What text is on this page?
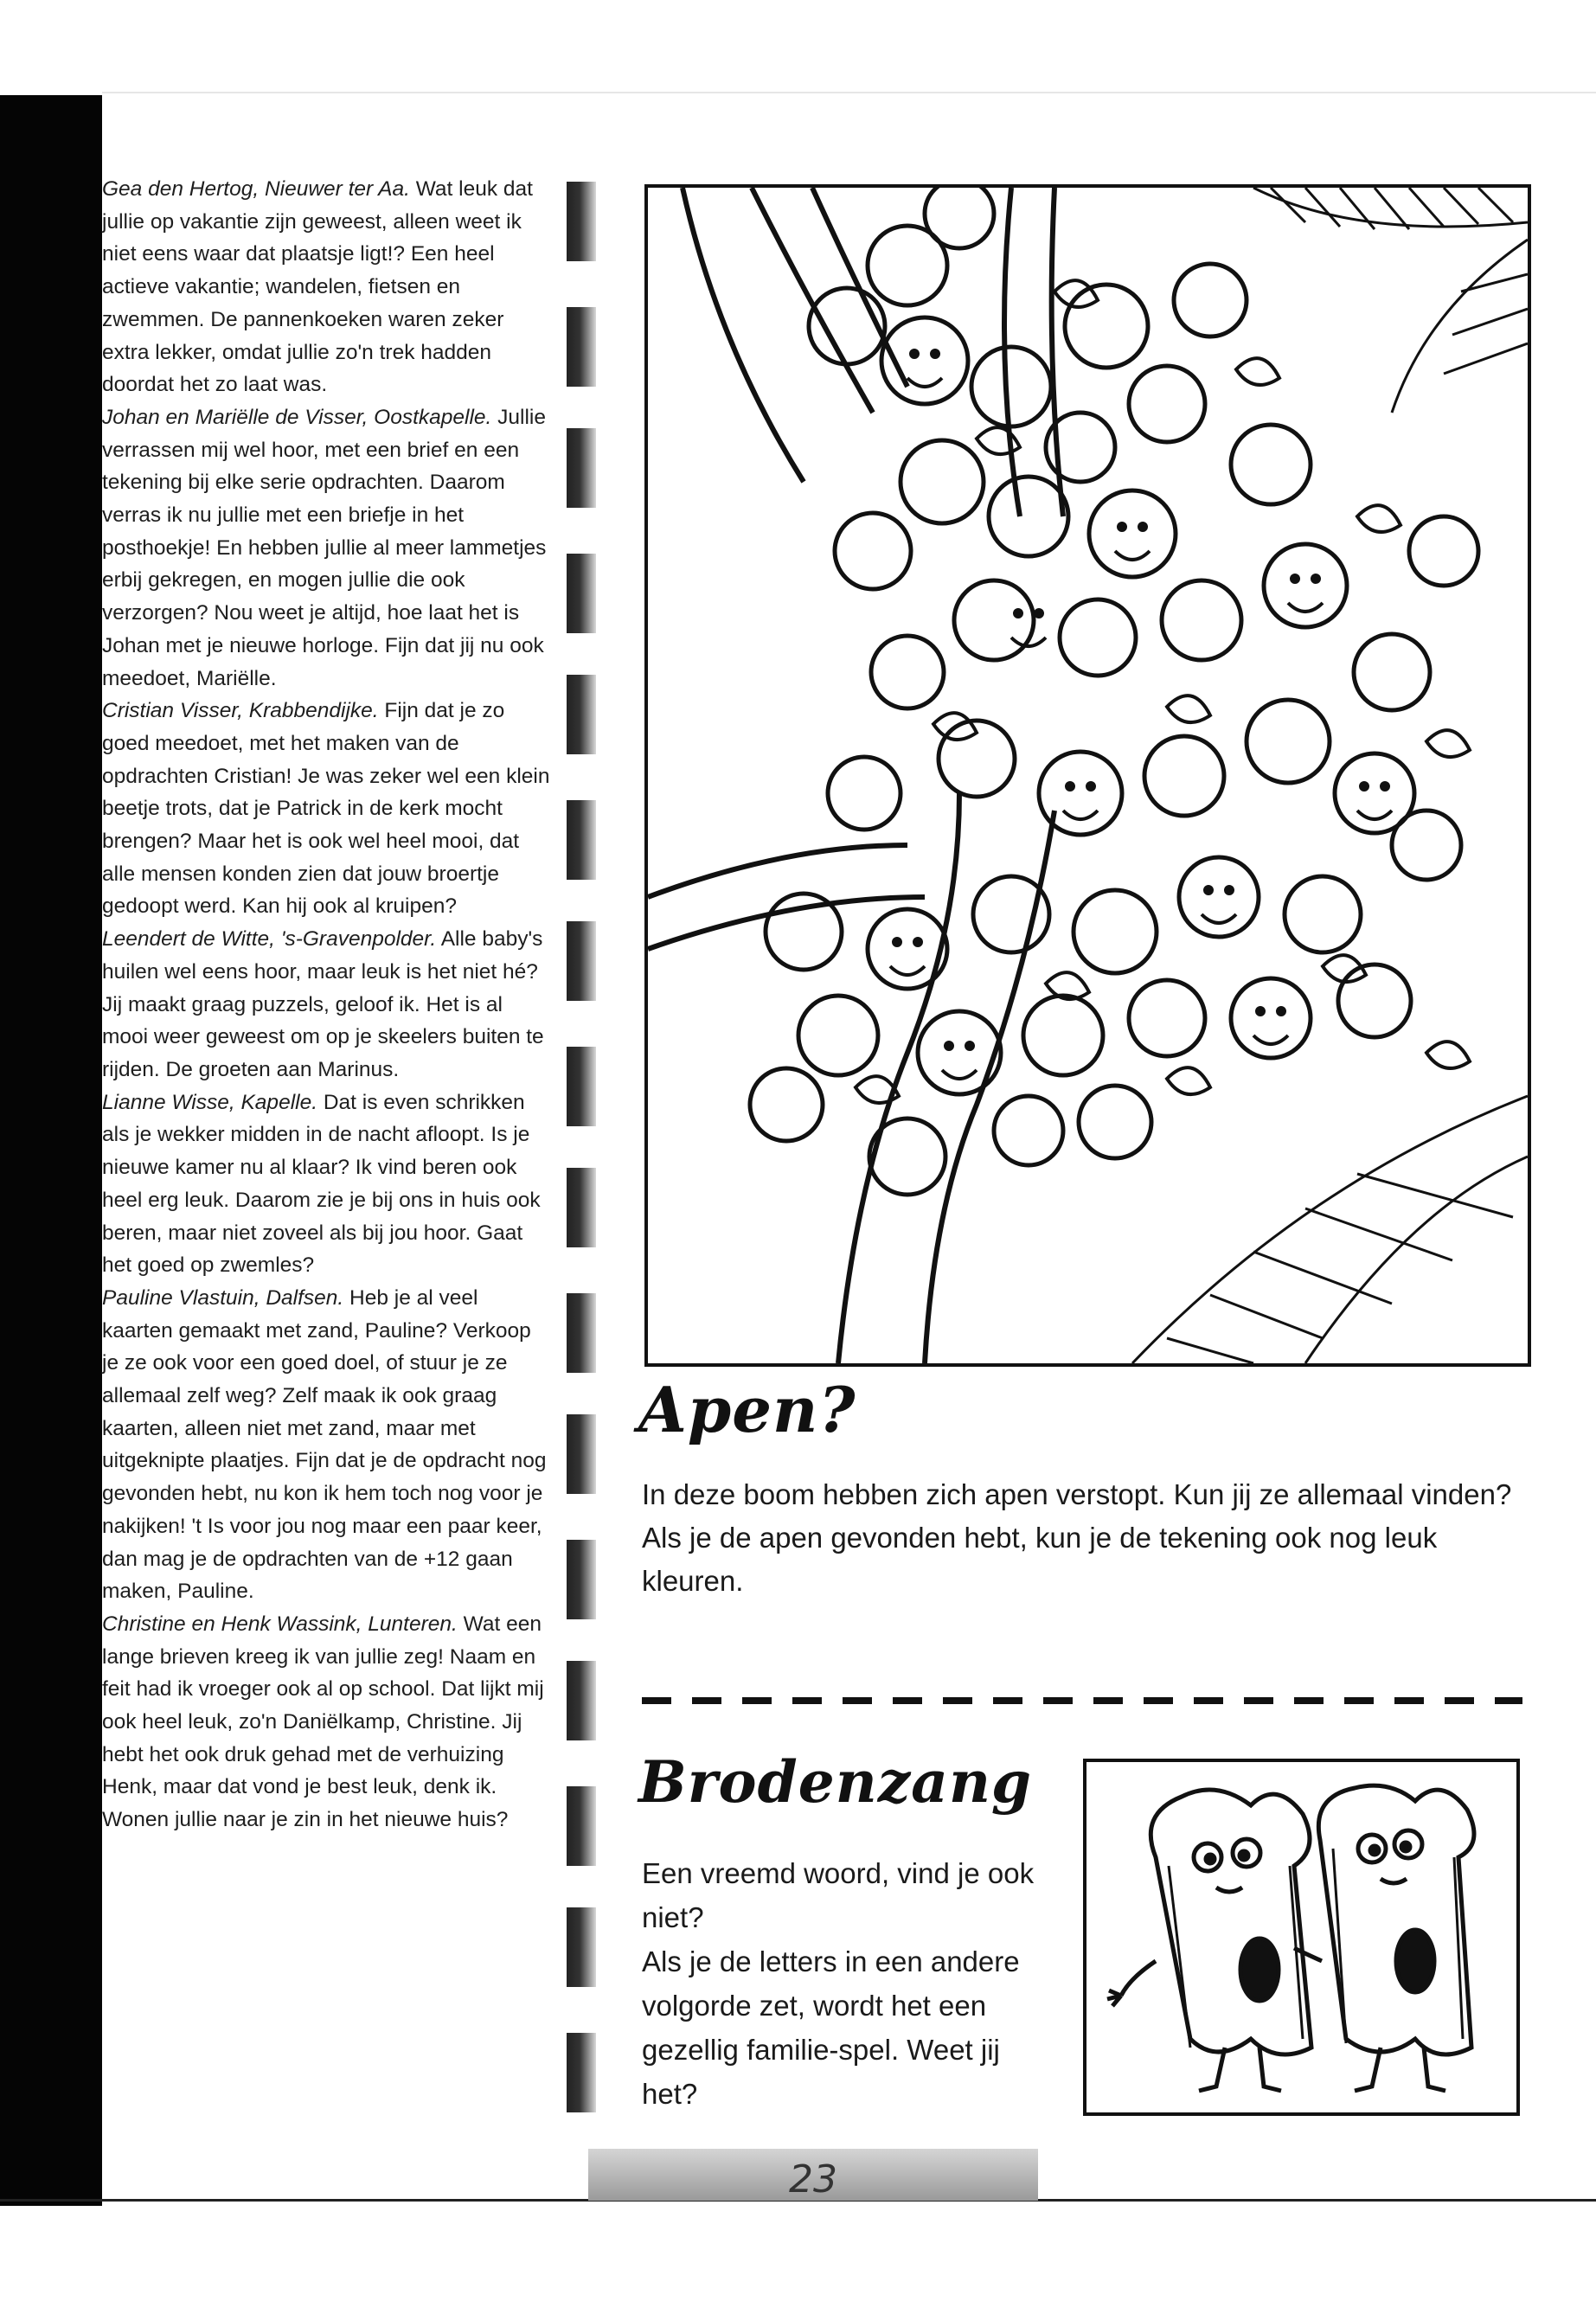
Gea den Hertog, Nieuwer ter Aa. Wat leuk dat jullie op vakantie zijn geweest, alleen weet ik niet eens waar dat plaatsje ligt!? Een heel actieve vakantie; wandelen, fietsen en zwemmen. De pannenkoeken waren zeker extra lekker, omdat jullie zo'n trek hadden doordat het zo laat was.

Johan en Mariëlle de Visser, Oostkapelle. Jullie verrassen mij wel hoor, met een brief en een tekening bij elke serie opdrachten. Daarom verras ik nu jullie met een briefje in het posthoekje! En hebben jullie al meer lammetjes erbij gekregen, en mogen jullie die ook verzorgen? Nou weet je altijd, hoe laat het is Johan met je nieuwe horloge. Fijn dat jij nu ook meedoet, Mariëlle.

Cristian Visser, Krabbendijke. Fijn dat je zo goed meedoet, met het maken van de opdrachten Cristian! Je was zeker wel een klein beetje trots, dat je Patrick in de kerk mocht brengen? Maar het is ook wel heel mooi, dat alle mensen konden zien dat jouw broertje gedoopt werd. Kan hij ook al kruipen?

Leendert de Witte, 's-Gravenpolder. Alle baby's huilen wel eens hoor, maar leuk is het niet hé? Jij maakt graag puzzels, geloof ik. Het is al mooi weer geweest om op je skeelers buiten te rijden. De groeten aan Marinus.

Lianne Wisse, Kapelle. Dat is even schrikken als je wekker midden in de nacht afloopt. Is je nieuwe kamer nu al klaar? Ik vind beren ook heel erg leuk. Daarom zie je bij ons in huis ook beren, maar niet zoveel als bij jou hoor. Gaat het goed op zwemles?

Pauline Vlastuin, Dalfsen. Heb je al veel kaarten gemaakt met zand, Pauline? Verkoop je ze ook voor een goed doel, of stuur je ze allemaal zelf weg? Zelf maak ik ook graag kaarten, alleen niet met zand, maar met uitgeknipte plaatjes. Fijn dat je de opdracht nog gevonden hebt, nu kon ik hem toch nog voor je nakijken! 't Is voor jou nog maar een paar keer, dan mag je de opdrachten van de +12 gaan maken, Pauline.

Christine en Henk Wassink, Lunteren. Wat een lange brieven kreeg ik van jullie zeg! Naam en feit had ik vroeger ook al op school. Dat lijkt mij ook heel leuk, zo'n Daniëlkamp, Christine. Jij hebt het ook druk gehad met de verhuizing Henk, maar dat vond je best leuk, denk ik. Wonen jullie naar je zin in het nieuwe huis?

Apen?

In deze boom hebben zich apen verstopt. Kun jij ze allemaal vinden?

Als je de apen gevonden hebt, kun je de tekening ook nog leuk kleuren.

Brodenzang

Een vreemd woord, vind je ook niet?

Als je de letters in een andere volgorde zet, wordt het een gezellig familie-spel. Weet jij het?

23
